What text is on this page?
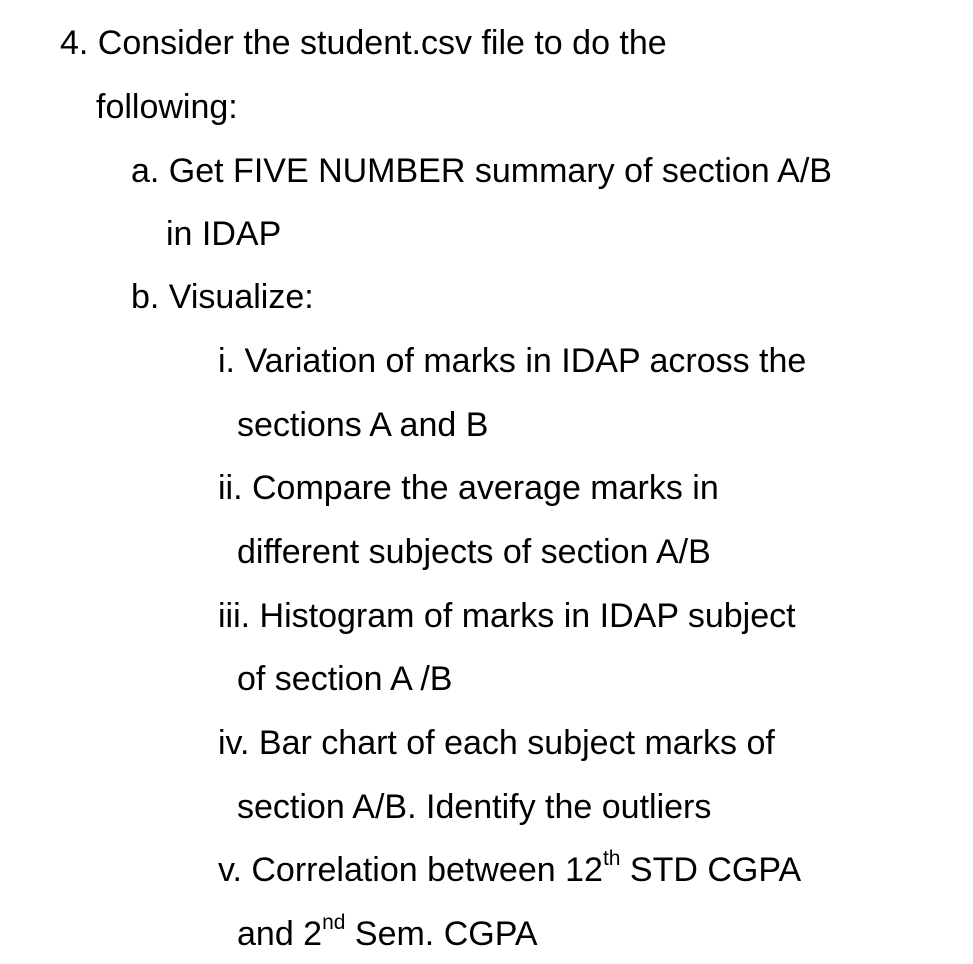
4. Consider the student.csv file to do the
following:
a. Get FIVE NUMBER summary of section A/B
in IDAP
b. Visualize:
i. Variation of marks in IDAP across the
sections A and B
ii. Compare the average marks in
different subjects of section A/B
iii. Histogram of marks in IDAP subject
of section A /B
iv. Bar chart of each subject marks of
section A/B. Identify the outliers
v. Correlation between 12th STD CGPA
and 2nd Sem. CGPA
